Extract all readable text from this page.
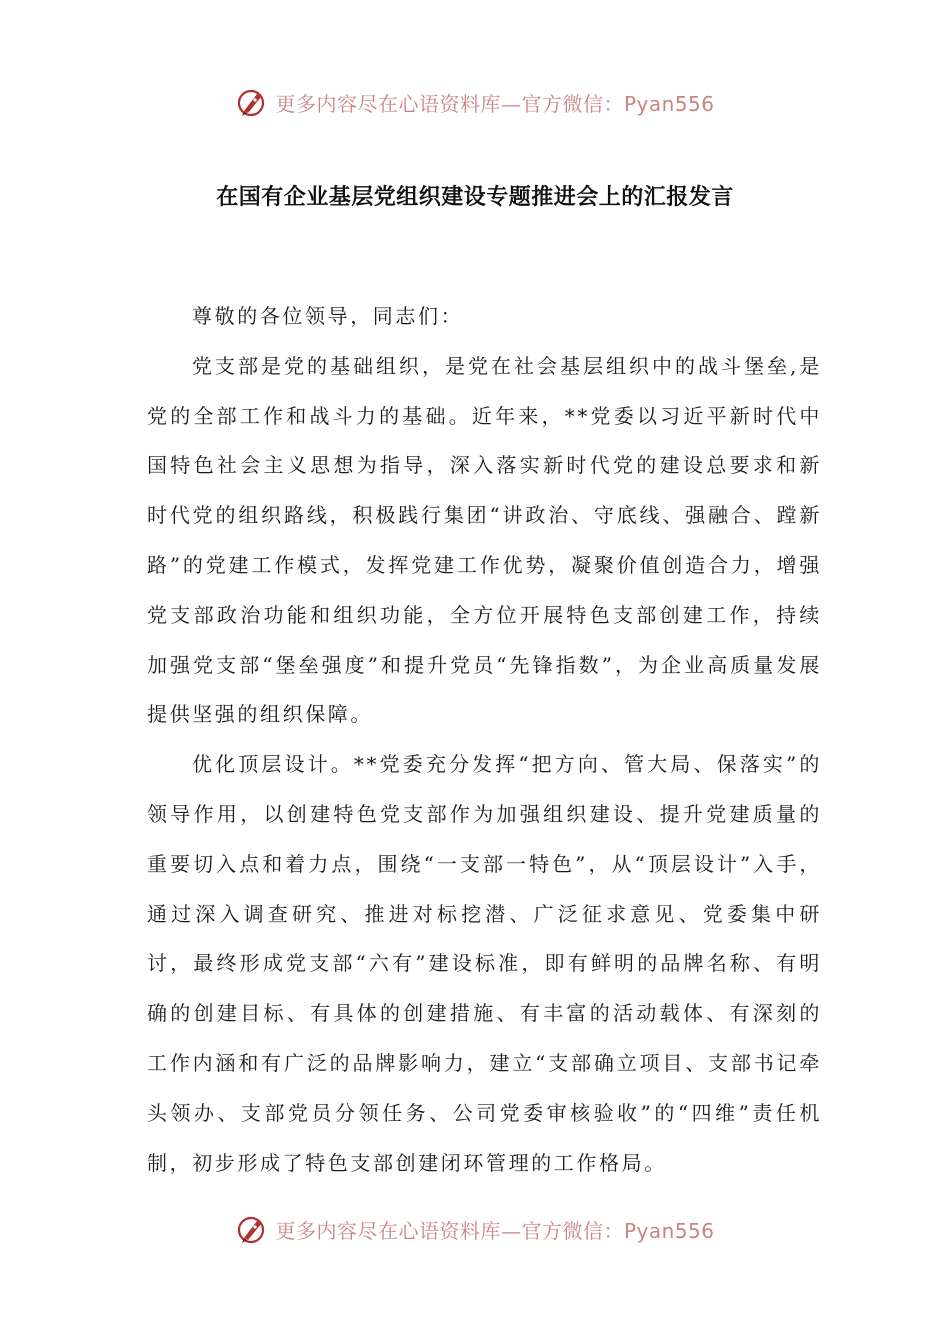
更多内容尽在心语资料库—官方微信：Pyan556
在国有企业基层党组织建设专题推进会上的汇报发言

尊敬的各位领导，同志们：

党支部是党的基础组织，是党在社会基层组织中的战斗堡垒,是党的全部工作和战斗力的基础。近年来，**党委以习近平新时代中国特色社会主义思想为指导，深入落实新时代党的建设总要求和新时代党的组织路线，积极践行集团“讲政治、守底线、强融合、蹚新路”的党建工作模式，发挥党建工作优势，凝聚价值创造合力，增强党支部政治功能和组织功能，全方位开展特色支部创建工作，持续加强党支部“堡垒强度”和提升党员“先锋指数”，为企业高质量发展提供坚强的组织保障。

优化顶层设计。**党委充分发挥“把方向、管大局、保落实”的领导作用，以创建特色党支部作为加强组织建设、提升党建质量的重要切入点和着力点，围绕“一支部一特色”，从“顶层设计”入手，通过深入调查研究、推进对标挖潜、广泛征求意见、党委集中研讨，最终形成党支部“六有”建设标准，即有鲜明的品牌名称、有明确的创建目标、有具体的创建措施、有丰富的活动载体、有深刻的工作内涵和有广泛的品牌影响力，建立“支部确立项目、支部书记牵头领办、支部党员分领任务、公司党委审核验收”的“四维”责任机制，初步形成了特色支部创建闭环管理的工作格局。

更多内容尽在心语资料库—官方微信：Pyan556
